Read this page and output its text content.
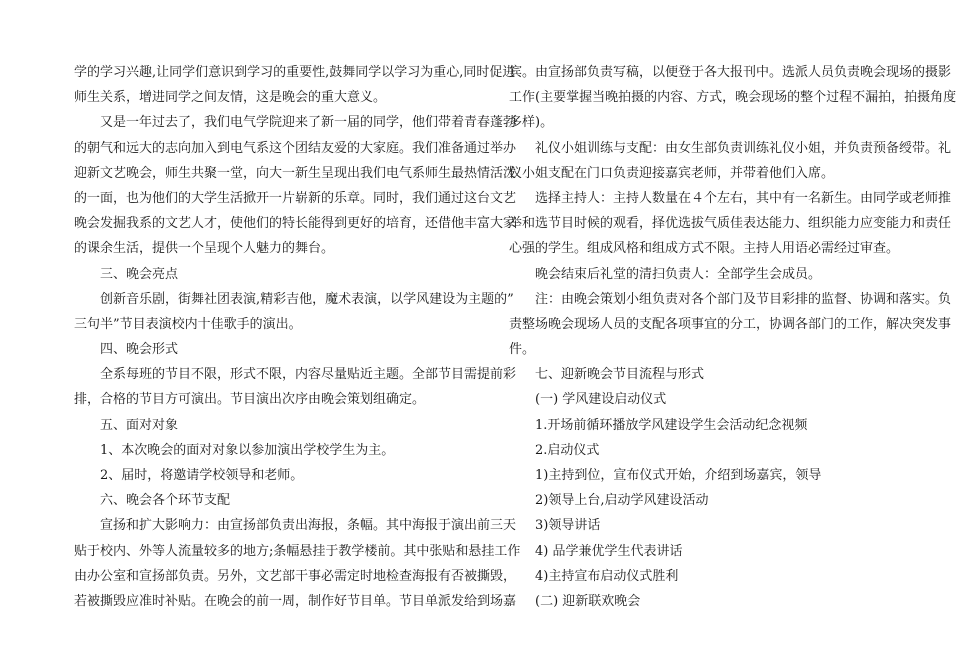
学的学习兴趣,让同学们意识到学习的重要性,鼓舞同学以学习为重心,同时促进
师生关系，增进同学之间友情，这是晚会的重大意义。
又是一年过去了，我们电气学院迎来了新一届的同学，他们带着青春蓬勃
的朝气和远大的志向加入到电气系这个团结友爱的大家庭。我们准备通过举办
迎新文艺晚会，师生共聚一堂，向大一新生呈现出我们电气系师生最热情活泼
的一面，也为他们的大学生活掀开一片崭新的乐章。同时，我们通过这台文艺
晚会发掘我系的文艺人才，使他们的特长能得到更好的培育，还借他丰富大家
的课余生活，提供一个呈现个人魅力的舞台。
三、晚会亮点
创新音乐剧，街舞社团表演,精彩吉他，魔术表演，以学风建设为主题的”
三句半”节目表演校内十佳歌手的演出。
四、晚会形式
全系每班的节目不限，形式不限，内容尽量贴近主题。全部节目需提前彩
排，合格的节目方可演出。节目演出次序由晚会策划组确定。
五、面对对象
1、本次晚会的面对对象以参加演出学校学生为主。
2、届时，将邀请学校领导和老师。
六、晚会各个环节支配
宣扬和扩大影响力：由宣扬部负责出海报，条幅。其中海报于演出前三天
贴于校内、外等人流量较多的地方;条幅悬挂于教学楼前。其中张贴和悬挂工作
由办公室和宣扬部负责。另外，文艺部干事必需定时地检查海报有否被撕毁，
若被撕毁应准时补贴。在晚会的前一周，制作好节目单。节目单派发给到场嘉
宾。由宣扬部负责写稿，以便登于各大报刊中。选派人员负责晚会现场的摄影
工作(主要掌握当晚拍摄的内容、方式，晚会现场的整个过程不漏拍，拍摄角度
多样)。
礼仪小姐训练与支配：由女生部负责训练礼仪小姐，并负责预备绶带。礼
仪小姐支配在门口负责迎接嘉宾老师，并带着他们入席。
选择主持人：主持人数量在４个左右，其中有一名新生。由同学或老师推
举和选节目时候的观看，择优选拔气质佳表达能力、组织能力应变能力和责任
心强的学生。组成风格和组成方式不限。主持人用语必需经过审查。
晚会结束后礼堂的清扫负责人：全部学生会成员。
注：由晚会策划小组负责对各个部门及节目彩排的监督、协调和落实。负
责整场晚会现场人员的支配各项事宜的分工，协调各部门的工作，解决突发事
件。
七、迎新晚会节目流程与形式
(一) 学风建设启动仪式
1.开场前循环播放学风建设学生会活动纪念视频
2.启动仪式
1)主持到位，宣布仪式开始，介绍到场嘉宾，领导
2)领导上台,启动学风建设活动
3)领导讲话
4) 品学兼优学生代表讲话
4)主持宣布启动仪式胜利
(二) 迎新联欢晚会
